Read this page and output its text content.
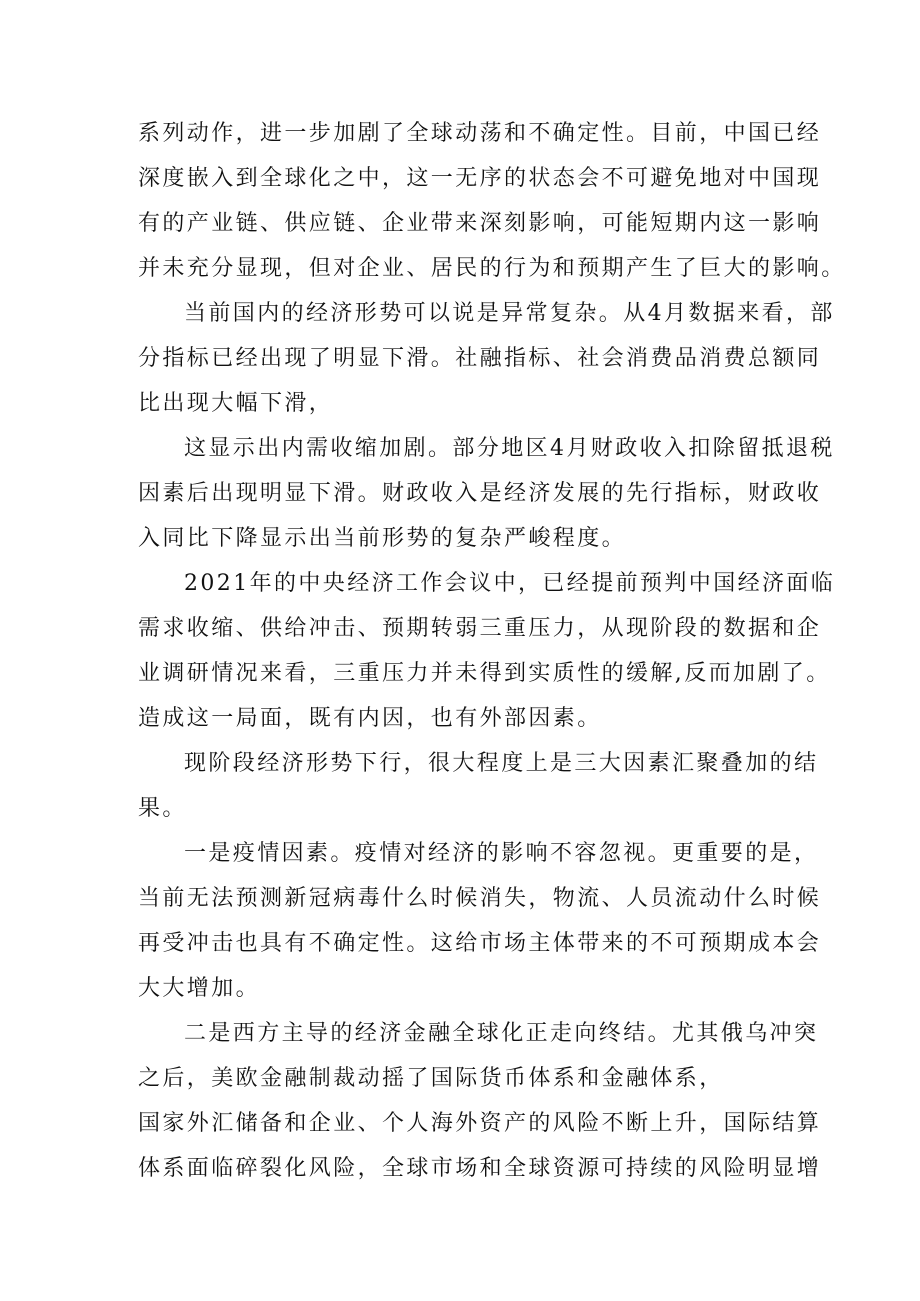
系列动作，进一步加剧了全球动荡和不确定性。目前，中国已经

深度嵌入到全球化之中，这一无序的状态会不可避免地对中国现

有的产业链、供应链、企业带来深刻影响，可能短期内这一影响

并未充分显现，但对企业、居民的行为和预期产生了巨大的影响。

当前国内的经济形势可以说是异常复杂。从4月数据来看，部

分指标已经出现了明显下滑。社融指标、社会消费品消费总额同

比出现大幅下滑，

这显示出内需收缩加剧。部分地区4月财政收入扣除留抵退税

因素后出现明显下滑。财政收入是经济发展的先行指标，财政收

入同比下降显示出当前形势的复杂严峻程度。

2021年的中央经济工作会议中，已经提前预判中国经济面临

需求收缩、供给冲击、预期转弱三重压力，从现阶段的数据和企

业调研情况来看，三重压力并未得到实质性的缓解,反而加剧了。

造成这一局面，既有内因，也有外部因素。

现阶段经济形势下行，很大程度上是三大因素汇聚叠加的结

果。

一是疫情因素。疫情对经济的影响不容忽视。更重要的是，

当前无法预测新冠病毒什么时候消失，物流、人员流动什么时候

再受冲击也具有不确定性。这给市场主体带来的不可预期成本会

大大增加。

二是西方主导的经济金融全球化正走向终结。尤其俄乌冲突

之后，美欧金融制裁动摇了国际货币体系和金融体系，

国家外汇储备和企业、个人海外资产的风险不断上升，国际结算

体系面临碎裂化风险，全球市场和全球资源可持续的风险明显增
